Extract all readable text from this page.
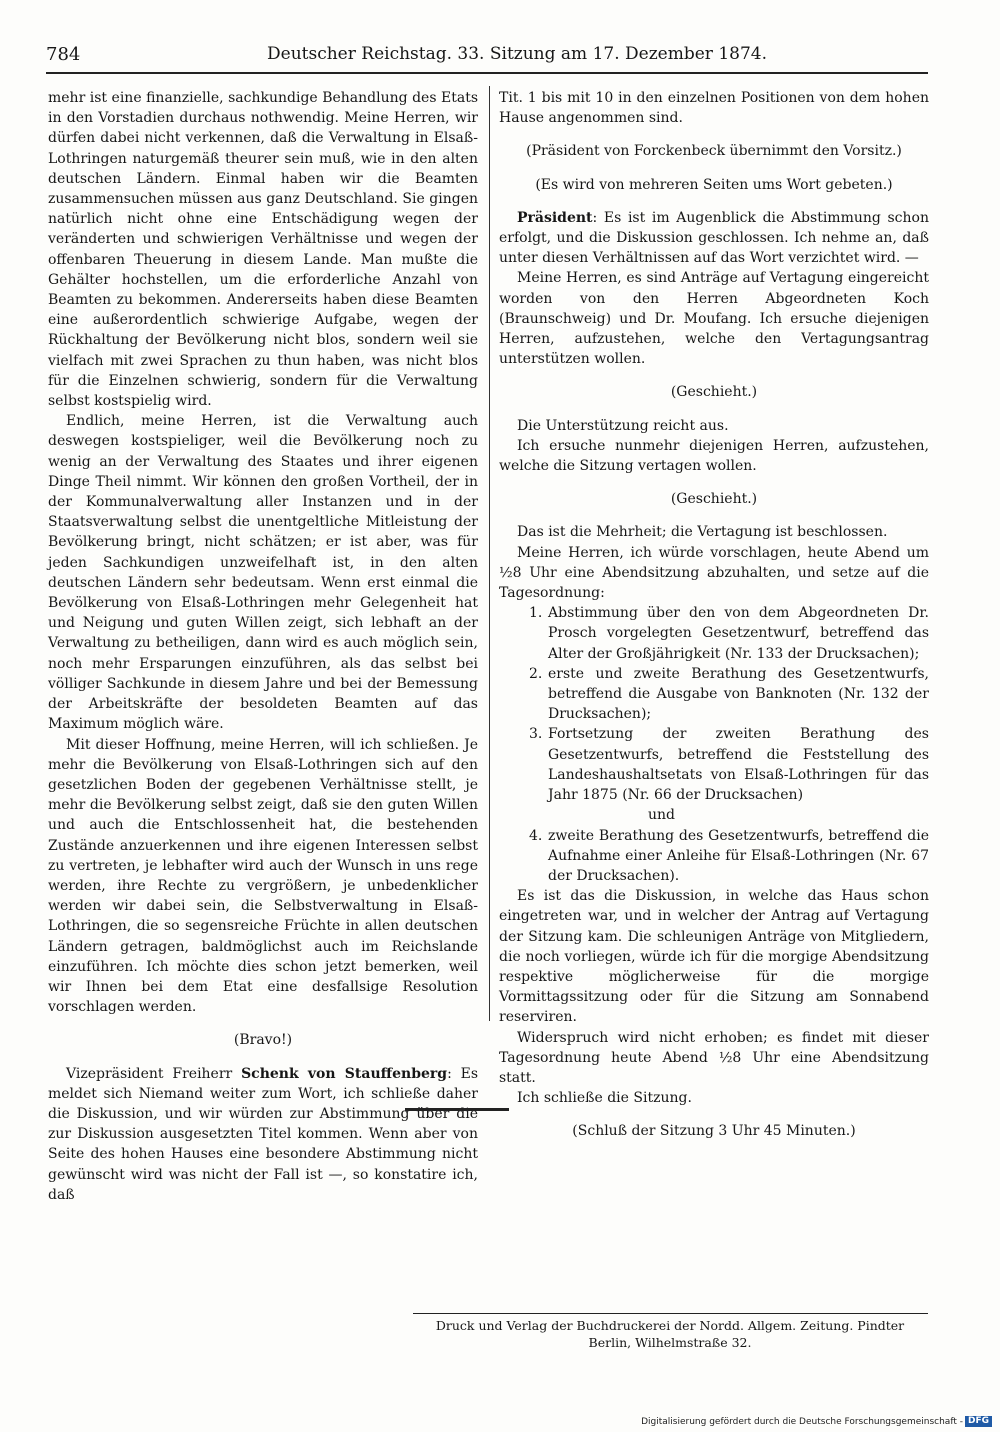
784	Deutscher Reichstag. 33. Sitzung am 17. Dezember 1874.

mehr ist eine finanzielle, sachkundige Behandlung des Etats in den Vorstadien durchaus nothwendig. Meine Herren, wir dürfen dabei nicht verkennen, daß die Verwaltung in Elsaß-Lothringen naturgemäß theurer sein muß, wie in den alten deutschen Ländern. Einmal haben wir die Beamten zusammensuchen müssen aus ganz Deutschland. Sie gingen natürlich nicht ohne eine Entschädigung wegen der veränderten und schwierigen Verhältnisse und wegen der offenbaren Theuerung in diesem Lande. Man mußte die Gehälter hochstellen, um die erforderliche Anzahl von Beamten zu bekommen. Andererseits haben diese Beamten eine außerordentlich schwierige Aufgabe, wegen der Rückhaltung der Bevölkerung nicht blos, sondern weil sie vielfach mit zwei Sprachen zu thun haben, was nicht blos für die Einzelnen schwierig, sondern für die Verwaltung selbst kostspielig wird.

Endlich, meine Herren, ist die Verwaltung auch deswegen kostspieliger, weil die Bevölkerung noch zu wenig an der Verwaltung des Staates und ihrer eigenen Dinge Theil nimmt. Wir können den großen Vortheil, der in der Kommunalverwaltung aller Instanzen und in der Staatsverwaltung selbst die unentgeltliche Mitleistung der Bevölkerung bringt, nicht schätzen; er ist aber, was für jeden Sachkundigen unzweifelhaft ist, in den alten deutschen Ländern sehr bedeutsam. Wenn erst einmal die Bevölkerung von Elsaß-Lothringen mehr Gelegenheit hat und Neigung und guten Willen zeigt, sich lebhaft an der Verwaltung zu betheiligen, dann wird es auch möglich sein, noch mehr Ersparungen einzuführen, als das selbst bei völliger Sachkunde in diesem Jahre und bei der Bemessung der Arbeitskräfte der besoldeten Beamten auf das Maximum möglich wäre.

Mit dieser Hoffnung, meine Herren, will ich schließen. Je mehr die Bevölkerung von Elsaß-Lothringen sich auf den gesetzlichen Boden der gegebenen Verhältnisse stellt, je mehr die Bevölkerung selbst zeigt, daß sie den guten Willen und auch die Entschlossenheit hat, die bestehenden Zustände anzuerkennen und ihre eigenen Interessen selbst zu vertreten, je lebhafter wird auch der Wunsch in uns rege werden, ihre Rechte zu vergrößern, je unbedenklicher werden wir dabei sein, die Selbstverwaltung in Elsaß-Lothringen, die so segensreiche Früchte in allen deutschen Ländern getragen, baldmöglichst auch im Reichslande einzuführen. Ich möchte dies schon jetzt bemerken, weil wir Ihnen bei dem Etat eine desfallsige Resolution vorschlagen werden.

(Bravo!)

Vizepräsident Freiherr Schenk von Stauffenberg: Es meldet sich Niemand weiter zum Wort, ich schließe daher die Diskussion, und wir würden zur Abstimmung über die zur Diskussion ausgesetzten Titel kommen. Wenn aber von Seite des hohen Hauses eine besondere Abstimmung nicht gewünscht wird was nicht der Fall ist —, so konstatire ich, daß

Tit. 1 bis mit 10 in den einzelnen Positionen von dem hohen Hause angenommen sind.

(Präsident von Forckenbeck übernimmt den Vorsitz.)

(Es wird von mehreren Seiten ums Wort gebeten.)

Präsident: Es ist im Augenblick die Abstimmung schon erfolgt, und die Diskussion geschlossen. Ich nehme an, daß unter diesen Verhältnissen auf das Wort verzichtet wird. —

Meine Herren, es sind Anträge auf Vertagung eingereicht worden von den Herren Abgeordneten Koch (Braunschweig) und Dr. Moufang. Ich ersuche diejenigen Herren, aufzustehen, welche den Vertagungsantrag unterstützen wollen.

(Geschieht.)

Die Unterstützung reicht aus.

Ich ersuche nunmehr diejenigen Herren, aufzustehen, welche die Sitzung vertagen wollen.

(Geschieht.)

Das ist die Mehrheit; die Vertagung ist beschlossen.

Meine Herren, ich würde vorschlagen, heute Abend um ½8 Uhr eine Abendsitzung abzuhalten, und setze auf die Tagesordnung:

1. Abstimmung über den von dem Abgeordneten Dr. Prosch vorgelegten Gesetzentwurf, betreffend das Alter der Großjährigkeit (Nr. 133 der Drucksachen);

2. erste und zweite Berathung des Gesetzentwurfs, betreffend die Ausgabe von Banknoten (Nr. 132 der Drucksachen);

3. Fortsetzung der zweiten Berathung des Gesetzentwurfs, betreffend die Feststellung des Landeshaushaltsetats von Elsaß-Lothringen für das Jahr 1875 (Nr. 66 der Drucksachen)

und

4. zweite Berathung des Gesetzentwurfs, betreffend die Aufnahme einer Anleihe für Elsaß-Lothringen (Nr. 67 der Drucksachen).

Es ist das die Diskussion, in welche das Haus schon eingetreten war, und in welcher der Antrag auf Vertagung der Sitzung kam. Die schleunigen Anträge von Mitgliedern, die noch vorliegen, würde ich für die morgige Abendsitzung respektive möglicherweise für die morgige Vormittagssitzung oder für die Sitzung am Sonnabend reserviren.

Widerspruch wird nicht erhoben; es findet mit dieser Tagesordnung heute Abend ½8 Uhr eine Abendsitzung statt.

Ich schließe die Sitzung.

(Schluß der Sitzung 3 Uhr 45 Minuten.)

Druck und Verlag der Buchdruckerei der Nordd. Allgem. Zeitung. Pindter
Berlin, Wilhelmstraße 32.
Digitalisierung gefördert durch die Deutsche Forschungsgemeinschaft - DFG
